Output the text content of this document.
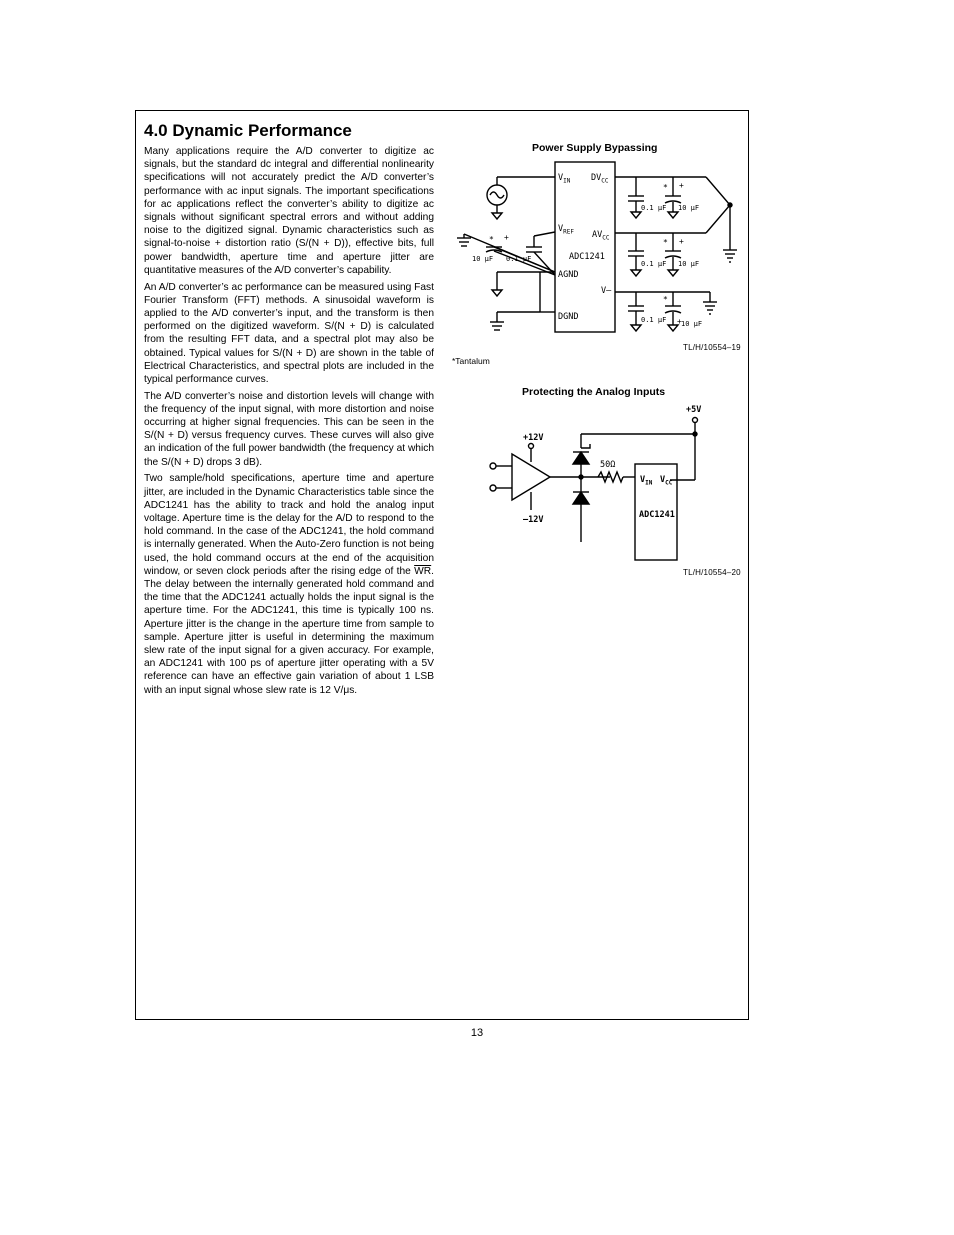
4.0 Dynamic Performance

Many applications require the A/D converter to digitize ac signals, but the standard dc integral and differential nonlinearity specifications will not accurately predict the A/D converter’s performance with ac input signals. The important specifications for ac applications reflect the converter’s ability to digitize ac signals without significant spectral errors and without adding noise to the digitized signal. Dynamic characteristics such as signal-to-noise + distortion ratio (S/(N + D)), effective bits, full power bandwidth, aperture time and aperture jitter are quantitative measures of the A/D converter’s capability.

An A/D converter’s ac performance can be measured using Fast Fourier Transform (FFT) methods. A sinusoidal waveform is applied to the A/D converter’s input, and the transform is then performed on the digitized waveform. S/(N + D) is calculated from the resulting FFT data, and a spectral plot may also be obtained. Typical values for S/(N + D) are shown in the table of Electrical Characteristics, and spectral plots are included in the typical performance curves.

The A/D converter’s noise and distortion levels will change with the frequency of the input signal, with more distortion and noise occurring at higher signal frequencies. This can be seen in the S/(N + D) versus frequency curves. These curves will also give an indication of the full power bandwidth (the frequency at which the S/(N + D) drops 3 dB).

Two sample/hold specifications, aperture time and aperture jitter, are included in the Dynamic Characteristics table since the ADC1241 has the ability to track and hold the analog input voltage. Aperture time is the delay for the A/D to respond to the hold command. In the case of the ADC1241, the hold command is internally generated. When the Auto-Zero function is not being used, the hold command occurs at the end of the acquisition window, or seven clock periods after the rising edge of the $\overline{WR}$. The delay between the internally generated hold command and the time that the ADC1241 actually holds the input signal is the aperture time. For the ADC1241, this time is typically 100 ns. Aperture jitter is the change in the aperture time from sample to sample. Aperture jitter is useful in determining the maximum slew rate of the input signal for a given accuracy. For example, an ADC1241 with 100 ps of aperture jitter operating with a 5V reference can have an effective gain variation of about 1 LSB with an input signal whose slew rate is 12 V/μs.

Power Supply Bypassing
$V_{IN}$ $DV_{CC}$
$V_{REF}$ $AV_{CC}$
ADC1241
AGND
V–
DGND
* +
0.1 μF 10 μF
* +
0.1 μF 10 μF
*
+
0.1 μF 10 μF
* +
10 μF 0.1 μF
TL/H/10554–19
*Tantalum
Protecting the Analog Inputs
+5V
+12V
–12V
50Ω
$V_{IN}$ $V_{CC}$
ADC1241
TL/H/10554–20
13
